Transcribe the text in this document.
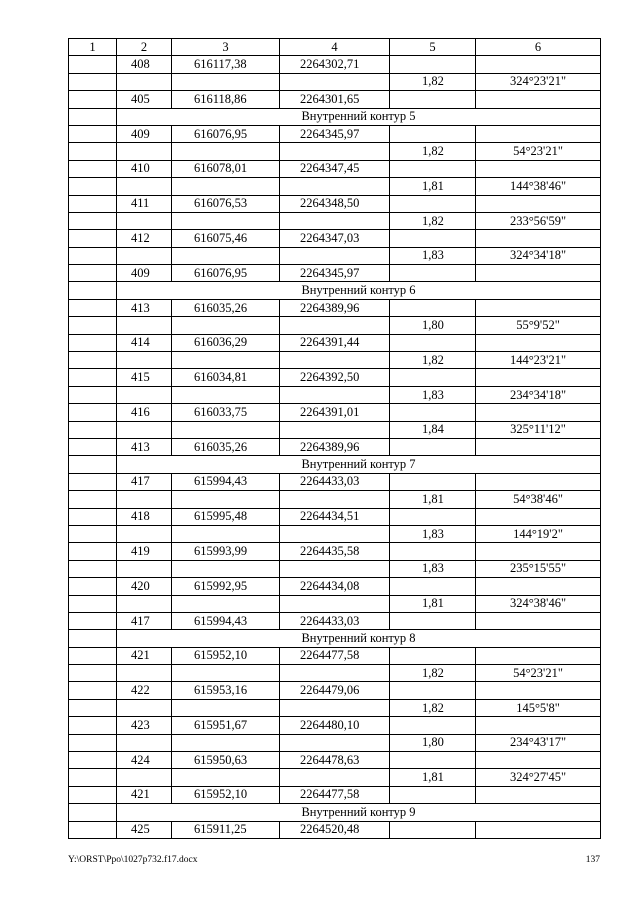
1	2	3	4	5	6
	408	616117,38	2264302,71		
				1,82	324°23'21"
	405	616118,86	2264301,65		
	Внутренний контур 5				
	409	616076,95	2264345,97		
				1,82	54°23'21"
	410	616078,01	2264347,45		
				1,81	144°38'46"
	411	616076,53	2264348,50		
				1,82	233°56'59"
	412	616075,46	2264347,03		
				1,83	324°34'18"
	409	616076,95	2264345,97		
	Внутренний контур 6				
	413	616035,26	2264389,96		
				1,80	55°9'52"
	414	616036,29	2264391,44		
				1,82	144°23'21"
	415	616034,81	2264392,50		
				1,83	234°34'18"
	416	616033,75	2264391,01		
				1,84	325°11'12"
	413	616035,26	2264389,96		
	Внутренний контур 7				
	417	615994,43	2264433,03		
				1,81	54°38'46"
	418	615995,48	2264434,51		
				1,83	144°19'2"
	419	615993,99	2264435,58		
				1,83	235°15'55"
	420	615992,95	2264434,08		
				1,81	324°38'46"
	417	615994,43	2264433,03		
	Внутренний контур 8				
	421	615952,10	2264477,58		
				1,82	54°23'21"
	422	615953,16	2264479,06		
				1,82	145°5'8"
	423	615951,67	2264480,10		
				1,80	234°43'17"
	424	615950,63	2264478,63		
				1,81	324°27'45"
	421	615952,10	2264477,58		
	Внутренний контур 9				
	425	615911,25	2264520,48		
Y:\ORST\Ppo\1027p732.f17.docx	137
